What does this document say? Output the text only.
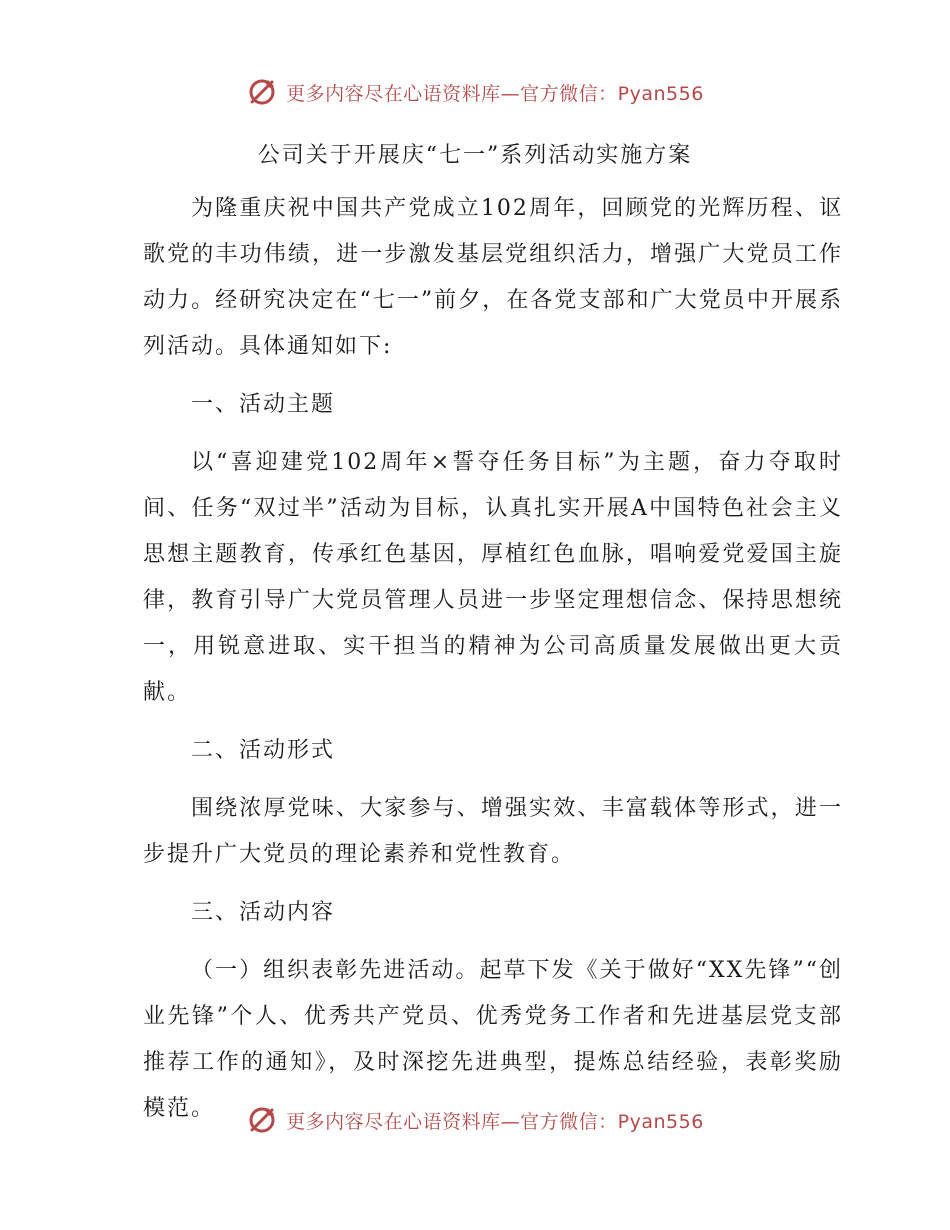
更多内容尽在心语资料库—官方微信：Pyan556
公司关于开展庆“七一”系列活动实施方案

为隆重庆祝中国共产党成立102周年，回顾党的光辉历程、讴歌党的丰功伟绩，进一步激发基层党组织活力，增强广大党员工作动力。经研究决定在“七一”前夕，在各党支部和广大党员中开展系列活动。具体通知如下:

一、活动主题

以“喜迎建党102周年×誓夺任务目标”为主题，奋力夺取时间、任务“双过半”活动为目标，认真扎实开展A中国特色社会主义思想主题教育，传承红色基因，厚植红色血脉，唱响爱党爱国主旋律，教育引导广大党员管理人员进一步坚定理想信念、保持思想统一，用锐意进取、实干担当的精神为公司高质量发展做出更大贡献。

二、活动形式

围绕浓厚党味、大家参与、增强实效、丰富载体等形式，进一步提升广大党员的理论素养和党性教育。

三、活动内容

（一）组织表彰先进活动。起草下发《关于做好“XX先锋”“创业先锋”个人、优秀共产党员、优秀党务工作者和先进基层党支部推荐工作的通知》，及时深挖先进典型，提炼总结经验，表彰奖励模范。

更多内容尽在心语资料库—官方微信：Pyan556
